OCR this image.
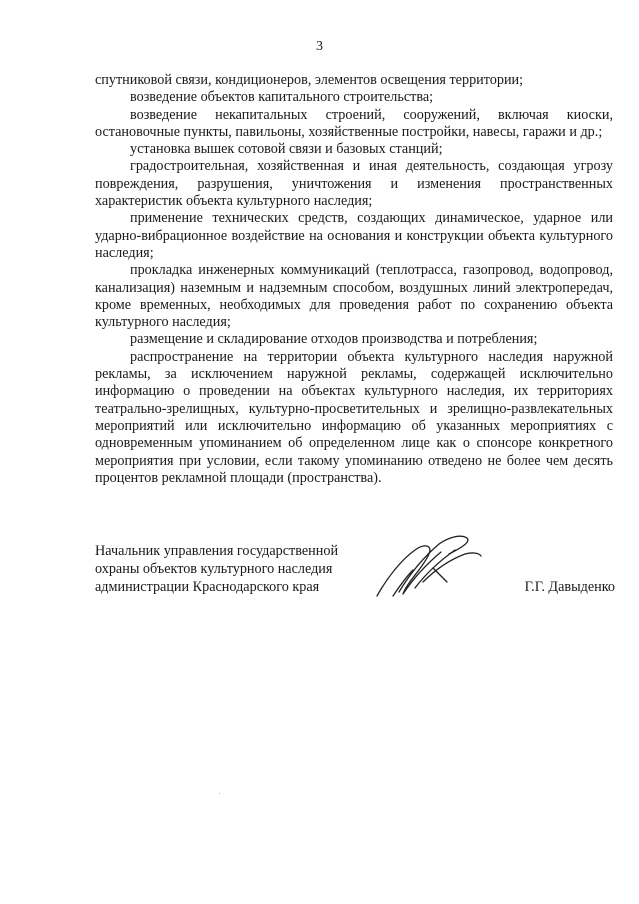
3

спутниковой связи, кондиционеров, элементов освещения территории;

возведение объектов капитального строительства;

возведение некапитальных строений, сооружений, включая киоски, остановочные пункты, павильоны, хозяйственные постройки, навесы, гаражи и др.;

установка вышек сотовой связи и базовых станций;

градостроительная, хозяйственная и иная деятельность, создающая угрозу повреждения, разрушения, уничтожения и изменения пространственных характеристик объекта культурного наследия;

применение технических средств, создающих динамическое, ударное или ударно-вибрационное воздействие на основания и конструкции объекта культурного наследия;

прокладка инженерных коммуникаций (теплотрасса, газопровод, водопровод, канализация) наземным и надземным способом, воздушных линий электропередач, кроме временных, необходимых для проведения работ по сохранению объекта культурного наследия;

размещение и складирование отходов производства и потребления;

распространение на территории объекта культурного наследия наружной рекламы, за исключением наружной рекламы, содержащей исключительно информацию о проведении на объектах культурного наследия, их территориях театрально-зрелищных, культурно-просветительных и зрелищно-развлекательных мероприятий или исключительно информацию об указанных мероприятиях с одновременным упоминанием об определенном лице как о спонсоре конкретного мероприятия при условии, если такому упоминанию отведено не более чем десять процентов рекламной площади (пространства).

Начальник управления государственной
охраны объектов культурного наследия
администрации Краснодарского края	Г.Г. Давыденко
